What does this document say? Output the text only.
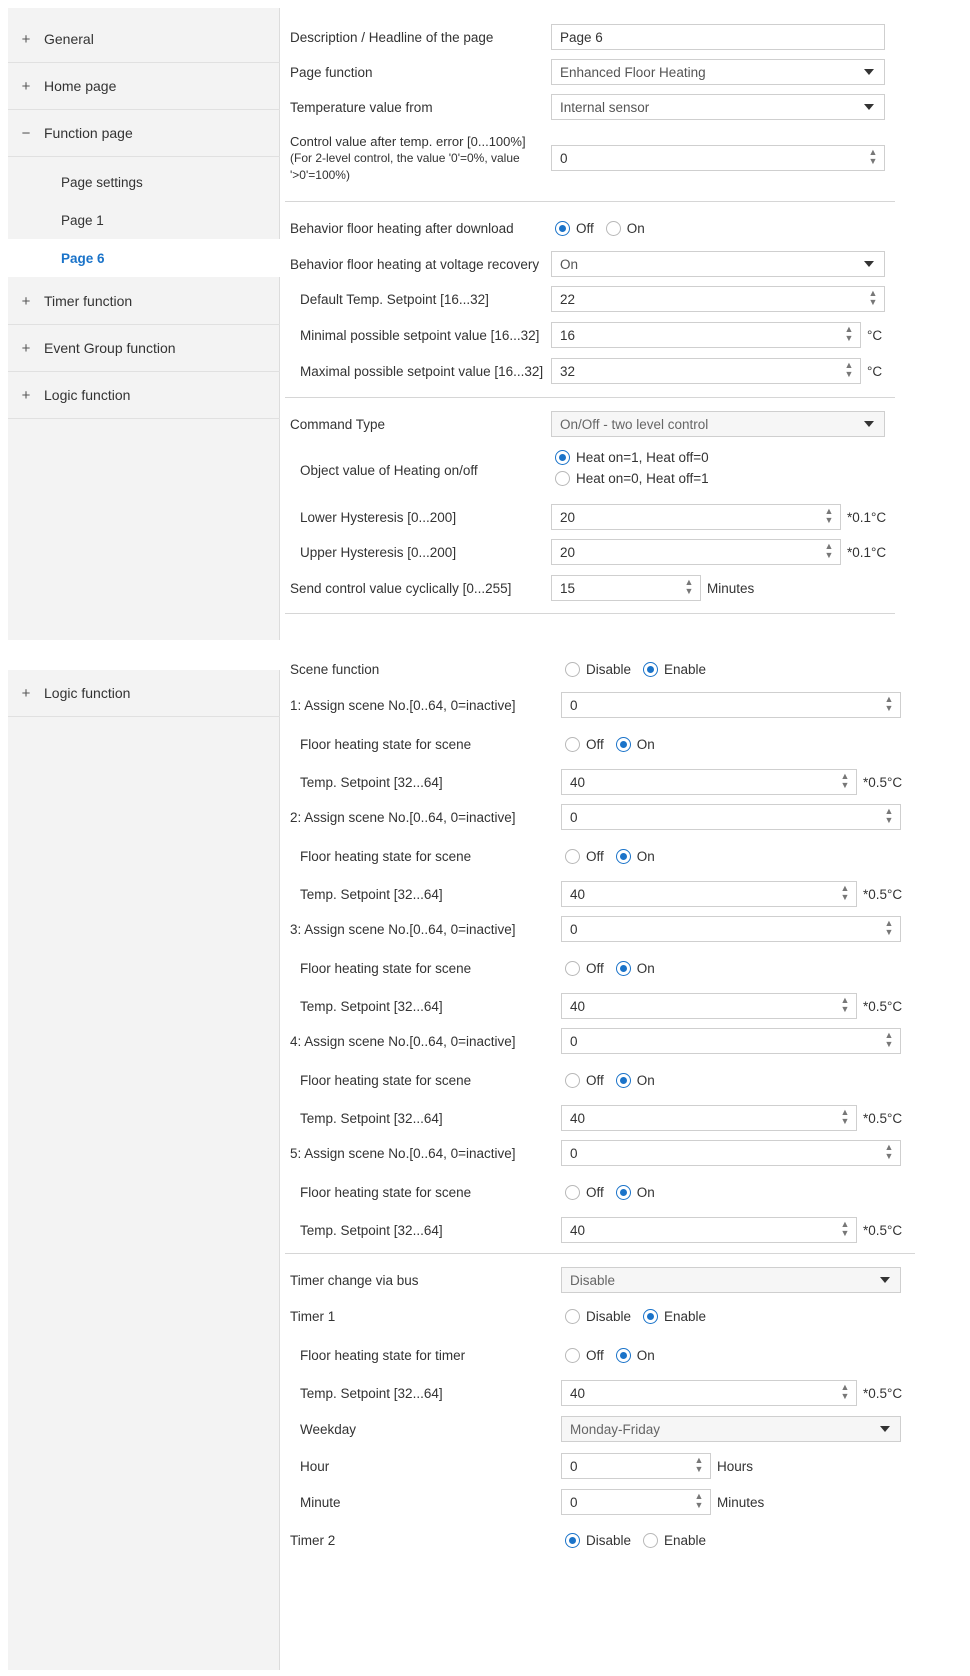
+ General
+ Home page
− Function page
Page settings
Page 1
Page 6
+ Timer function
+ Event Group function
+ Logic function
Description / Headline of the page	Page 6
Page function	Enhanced Floor Heating
Temperature value from	Internal sensor
Control value after temp. error [0...100%]
(For 2-level control, the value '0'=0%, value
'>0'=100%)
0	▲
▼
Behavior floor heating after download	Off On
Behavior floor heating at voltage recovery On
Default Temp. Setpoint [16...32]	22	▲
▼
Minimal possible setpoint value [16...32] 16	▲
▼ °C
Maximal possible setpoint value [16...32] 32	▲
▼ °C
Command Type	On/Off - two level control
Object value of Heating on/off
Heat on=1, Heat off=0
Heat on=0, Heat off=1
Lower Hysteresis [0...200]	20	▲
▼ *0.1°C
Upper Hysteresis [0...200]	20	▲
▼ *0.1°C
Send control value cyclically [0...255]	15	▲
▼ Minutes
+ Logic function
Scene function	Disable Enable
1: Assign scene No.[0..64, 0=inactive]	0	▲
▼
Floor heating state for scene	Off On
Temp. Setpoint [32...64]	40	▲
▼ *0.5°C
2: Assign scene No.[0..64, 0=inactive]	0	▲
▼
Floor heating state for scene	Off On
Temp. Setpoint [32...64]	40	▲
▼ *0.5°C
3: Assign scene No.[0..64, 0=inactive]	0	▲
▼
Floor heating state for scene	Off On
Temp. Setpoint [32...64]	40	▲
▼ *0.5°C
4: Assign scene No.[0..64, 0=inactive]	0	▲
▼
Floor heating state for scene	Off On
Temp. Setpoint [32...64]	40	▲
▼ *0.5°C
5: Assign scene No.[0..64, 0=inactive]	0	▲
▼
Floor heating state for scene	Off On
Temp. Setpoint [32...64]	40	▲
▼ *0.5°C
Timer change via bus	Disable
Timer 1	Disable Enable
Floor heating state for timer	Off On
Temp. Setpoint [32...64]	40	▲
▼ *0.5°C
Weekday	Monday-Friday
Hour	0	▲
▼ Hours
Minute	0	▲
▼ Minutes
Timer 2	Disable Enable
